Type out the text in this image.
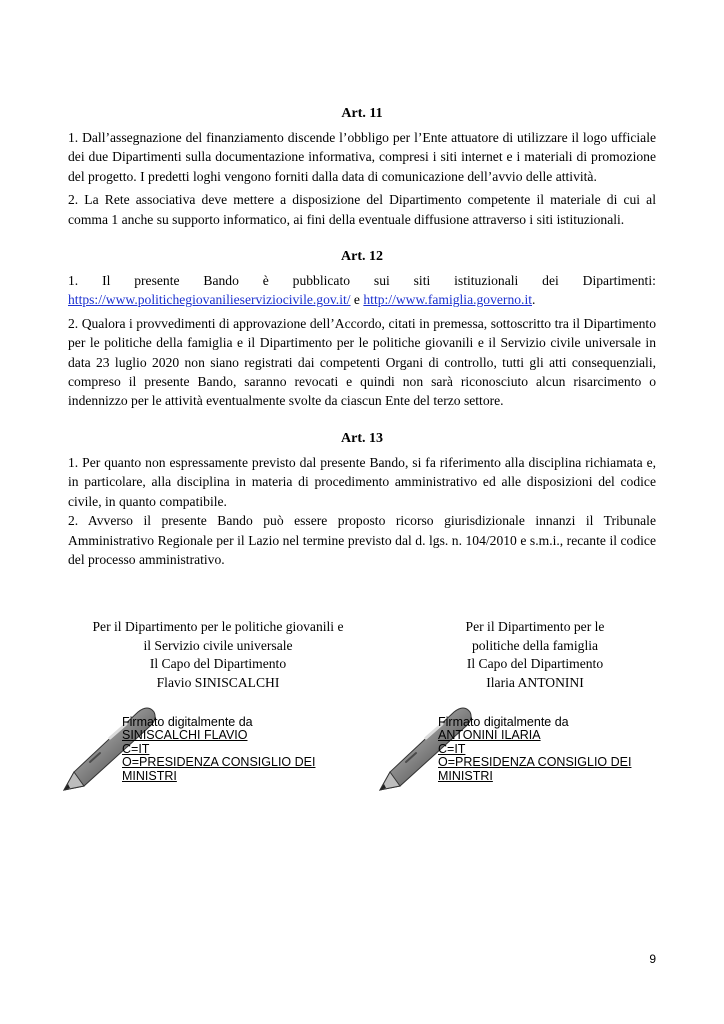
Art. 11

1. Dall’assegnazione del finanziamento discende l’obbligo per l’Ente attuatore di utilizzare il logo ufficiale dei due Dipartimenti sulla documentazione informativa, compresi i siti internet e i materiali di promozione del progetto. I predetti loghi vengono forniti dalla data di comunicazione dell’avvio delle attività.

2. La Rete associativa deve mettere a disposizione del Dipartimento competente il materiale di cui al comma 1 anche su supporto informatico, ai fini della eventuale diffusione attraverso i siti istituzionali.

Art. 12

1. Il presente Bando è pubblicato sui siti istituzionali dei Dipartimenti:

https://www.politichegiovanilieserviziocivile.gov.it/ e http://www.famiglia.governo.it.

2. Qualora i provvedimenti di approvazione dell’Accordo, citati in premessa, sottoscritto tra il Dipartimento per le politiche della famiglia e il Dipartimento per le politiche giovanili e il Servizio civile universale in data 23 luglio 2020 non siano registrati dai competenti Organi di controllo, tutti gli atti consequenziali, compreso il presente Bando, saranno revocati e quindi non sarà riconosciuto alcun risarcimento o indennizzo per le attività eventualmente svolte da ciascun Ente del terzo settore.

Art. 13

1. Per quanto non espressamente previsto dal presente Bando, si fa riferimento alla disciplina richiamata e, in particolare, alla disciplina in materia di procedimento amministrativo ed alle disposizioni del codice civile, in quanto compatibile.

2. Avverso il presente Bando può essere proposto ricorso giurisdizionale innanzi il Tribunale Amministrativo Regionale per il Lazio nel termine previsto dal d. lgs. n. 104/2010 e s.m.i., recante il codice del processo amministrativo.

Per il Dipartimento per le politiche giovanili e
il Servizio civile universale
Il Capo del Dipartimento
Flavio SINISCALCHI
Per il Dipartimento per le
politiche della famiglia
Il Capo del Dipartimento
Ilaria ANTONINI
Firmato digitalmente da
SINISCALCHI FLAVIO
C=IT
O=PRESIDENZA CONSIGLIO DEI
MINISTRI
Firmato digitalmente da
ANTONINI ILARIA
C=IT
O=PRESIDENZA CONSIGLIO DEI
MINISTRI
9
